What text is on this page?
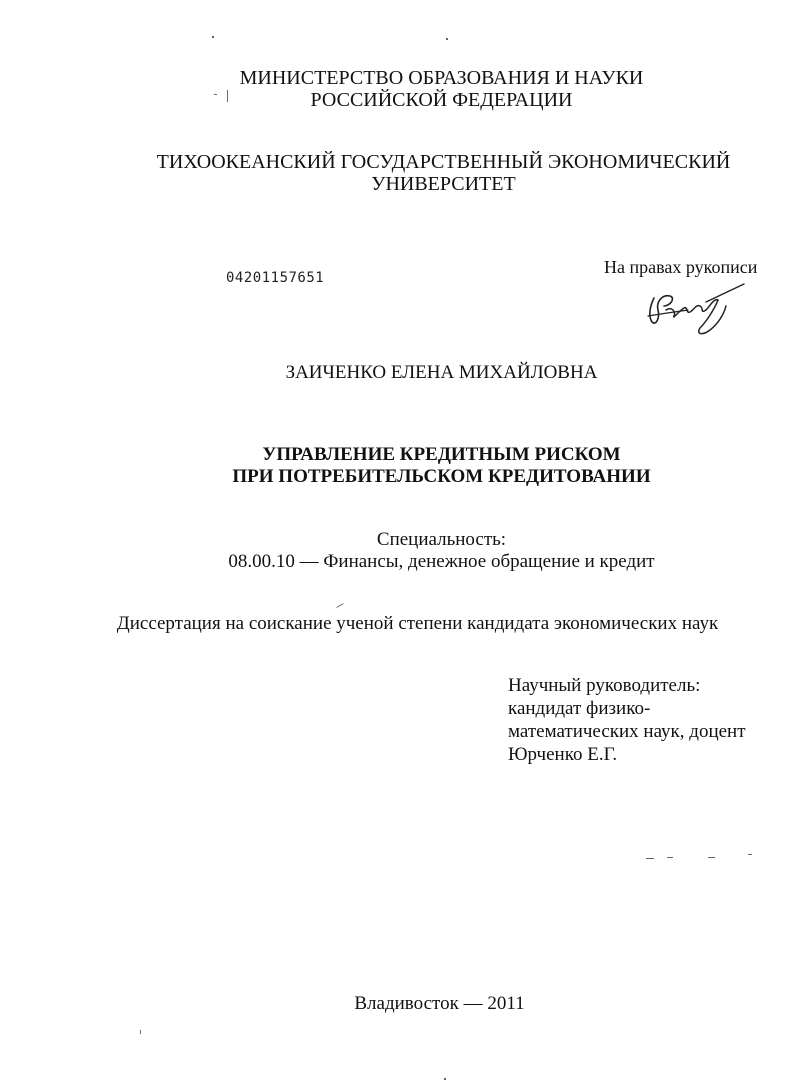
МИНИСТЕРСТВО ОБРАЗОВАНИЯ И НАУКИ
РОССИЙСКОЙ ФЕДЕРАЦИИ
ТИХООКЕАНСКИЙ ГОСУДАРСТВЕННЫЙ ЭКОНОМИЧЕСКИЙ
УНИВЕРСИТЕТ
04201157651
На правах рукописи
ЗАИЧЕНКО ЕЛЕНА МИХАЙЛОВНА
УПРАВЛЕНИЕ КРЕДИТНЫМ РИСКОМ
ПРИ ПОТРЕБИТЕЛЬСКОМ КРЕДИТОВАНИИ
Специальность:
08.00.10 — Финансы, денежное обращение и кредит
Диссертация на соискание ученой степени кандидата экономических наук
Научный руководитель:
кандидат физико-
математических наук, доцент
Юрченко Е.Г.
Владивосток — 2011
